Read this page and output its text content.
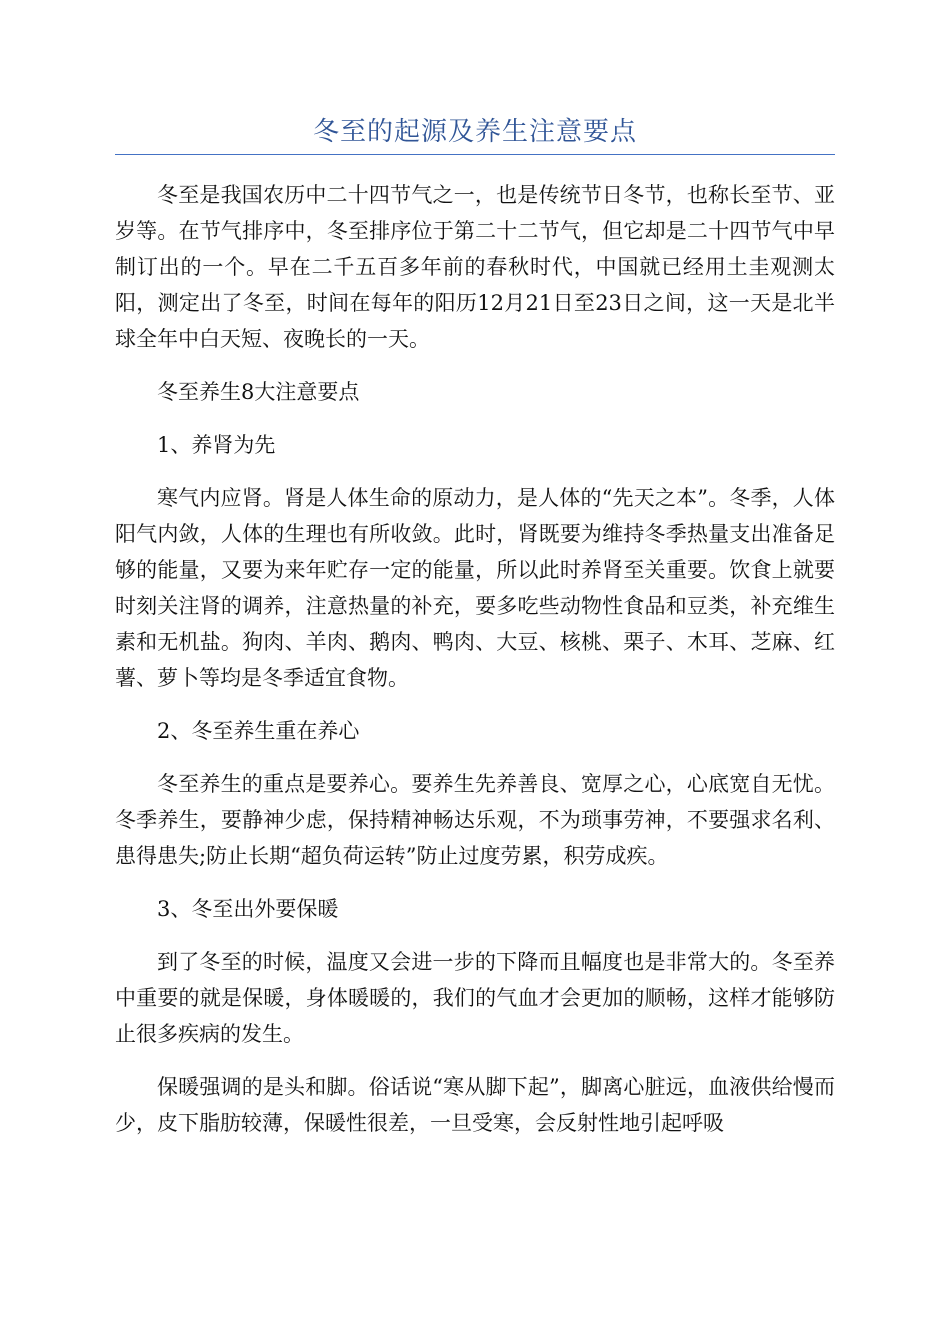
冬至的起源及养生注意要点

冬至是我国农历中二十四节气之一，也是传统节日冬节，也称长至节、亚岁等。在节气排序中，冬至排序位于第二十二节气，但它却是二十四节气中早制订出的一个。早在二千五百多年前的春秋时代，中国就已经用土圭观测太阳，测定出了冬至，时间在每年的阳历12月21日至23日之间，这一天是北半球全年中白天短、夜晚长的一天。

冬至养生8大注意要点

1、养肾为先

寒气内应肾。肾是人体生命的原动力，是人体的“先天之本”。冬季，人体阳气内敛，人体的生理也有所收敛。此时，肾既要为维持冬季热量支出准备足够的能量，又要为来年贮存一定的能量，所以此时养肾至关重要。饮食上就要时刻关注肾的调养，注意热量的补充，要多吃些动物性食品和豆类，补充维生素和无机盐。狗肉、羊肉、鹅肉、鸭肉、大豆、核桃、栗子、木耳、芝麻、红薯、萝卜等均是冬季适宜食物。

2、冬至养生重在养心

冬至养生的重点是要养心。要养生先养善良、宽厚之心，心底宽自无忧。冬季养生，要静神少虑，保持精神畅达乐观，不为琐事劳神，不要强求名利、患得患失;防止长期“超负荷运转”防止过度劳累，积劳成疾。

3、冬至出外要保暖

到了冬至的时候，温度又会进一步的下降而且幅度也是非常大的。冬至养中重要的就是保暖，身体暖暖的，我们的气血才会更加的顺畅，这样才能够防止很多疾病的发生。

保暖强调的是头和脚。俗话说“寒从脚下起”，脚离心脏远，血液供给慢而少，皮下脂肪较薄，保暖性很差，一旦受寒，会反射性地引起呼吸
